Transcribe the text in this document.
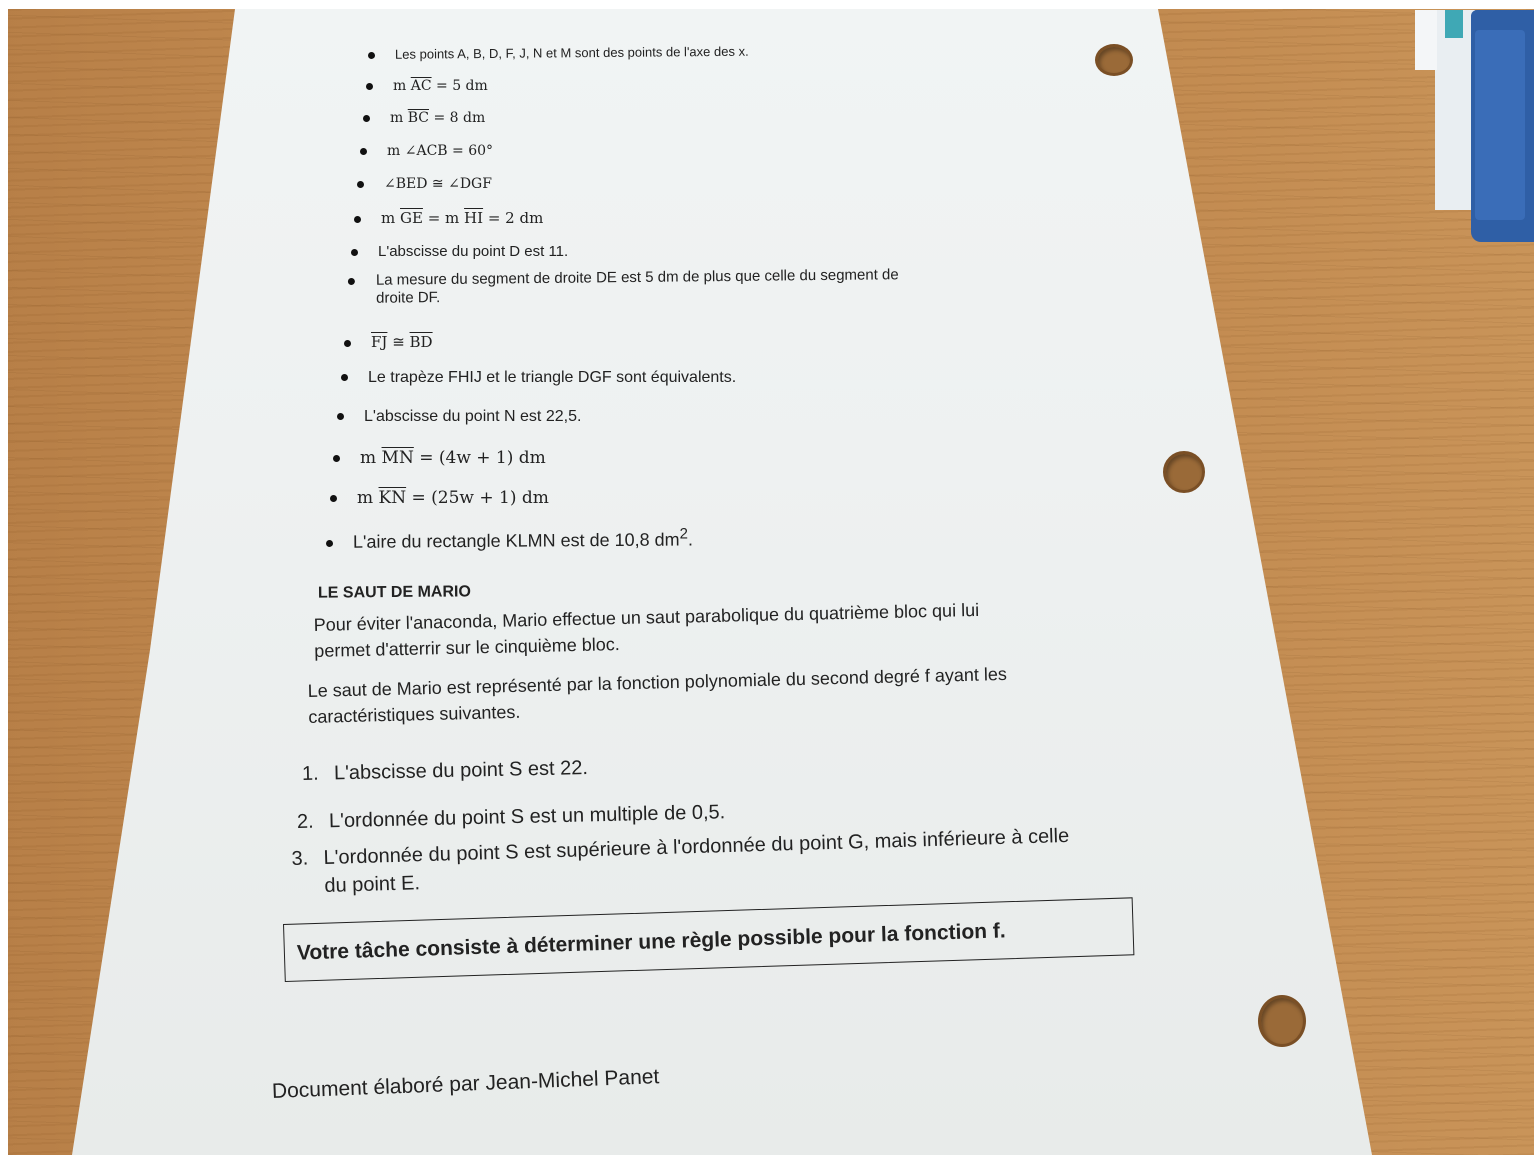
Les points A, B, D, F, J, N et M sont des points de l'axe des x.
m $\overline{AC} = 5$ dm
m $\overline{BC} = 8$ dm
m ∠ACB = 60°
∠BED ≅ ∠DGF
m $\overline{GE} = m$ $\overline{HI} = 2$ dm
L'abscisse du point D est 11.
La mesure du segment de droite DE est 5 dm de plus que celle du segment de
droite DF.
$\overline{FJ}$ ≅ $\overline{BD}$
Le trapèze FHIJ et le triangle DGF sont équivalents.
L'abscisse du point N est 22,5.
m $\overline{MN} = (4w + 1)$ dm
m $\overline{KN} = (25w + 1)$ dm
L'aire du rectangle KLMN est de 10,8 $dm^2$.
LE SAUT DE MARIO
Pour éviter l'anaconda, Mario effectue un saut parabolique du quatrième bloc qui lui
permet d'atterrir sur le cinquième bloc.
Le saut de Mario est représenté par la fonction polynomiale du second degré f ayant les
caractéristiques suivantes.
1. L'abscisse du point S est 22.
2. L'ordonnée du point S est un multiple de 0,5.
3. L'ordonnée du point S est supérieure à l'ordonnée du point G, mais inférieure à celle
du point E.
Votre tâche consiste à déterminer une règle possible pour la fonction f.
Document élaboré par Jean-Michel Panet
